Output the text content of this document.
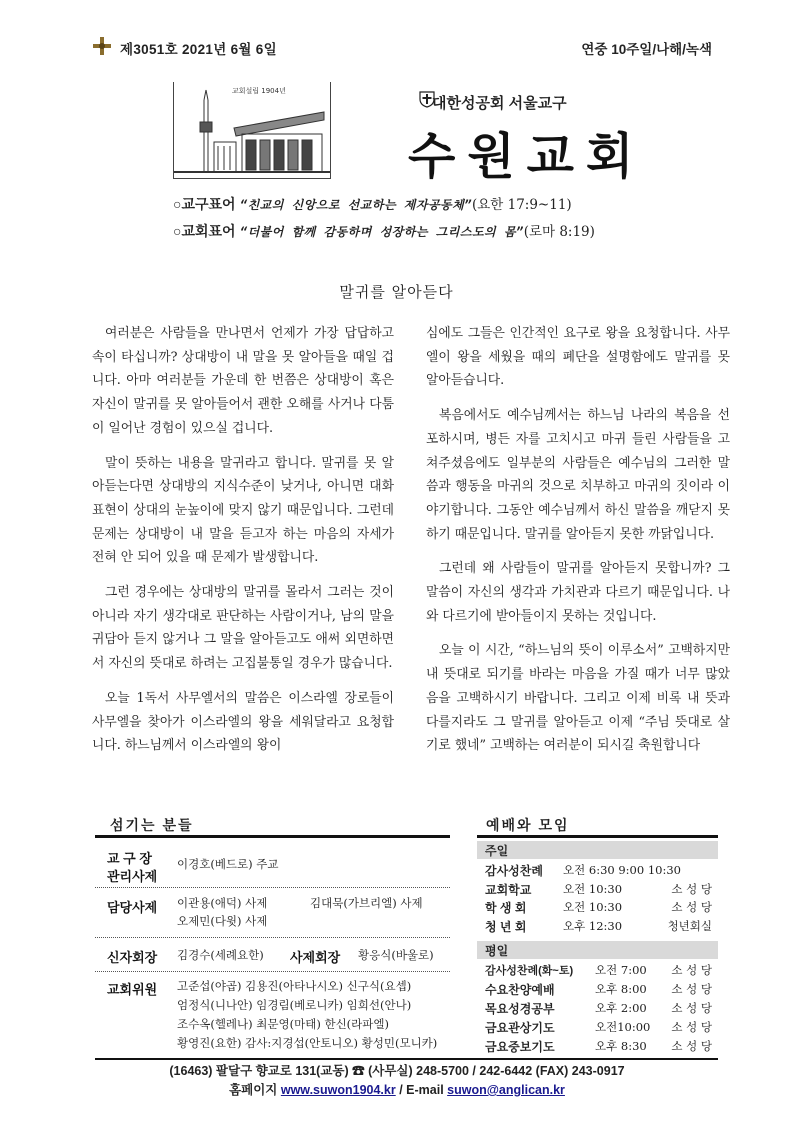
제3051호 2021년 6월 6일	연중 10주일/나해/녹색
교회설립 1904년
대한성공회 서울교구
수원교회
○교구표어 “친교의 신앙으로 선교하는 제자공동체”(요한 17:9~11)
○교회표어 “더불어 함께 감동하며 성장하는 그리스도의 몸”(로마 8:19)
말귀를 알아듣다

여러분은 사람들을 만나면서 언제가 가장 답답하고 속이 타십니까? 상대방이 내 말을 못 알아들을 때일 겁니다. 아마 여러분들 가운데 한 번쯤은 상대방이 혹은 자신이 말귀를 못 알아들어서 괜한 오해를 사거나 다툼이 일어난 경험이 있으실 겁니다.

말이 뜻하는 내용을 말귀라고 합니다. 말귀를 못 알아듣는다면 상대방의 지식수준이 낮거나, 아니면 대화 표현이 상대의 눈높이에 맞지 않기 때문입니다. 그런데 문제는 상대방이 내 말을 듣고자 하는 마음의 자세가 전혀 안 되어 있을 때 문제가 발생합니다.

그런 경우에는 상대방의 말귀를 몰라서 그러는 것이 아니라 자기 생각대로 판단하는 사람이거나, 남의 말을 귀담아 듣지 않거나 그 말을 알아듣고도 애써 외면하면서 자신의 뜻대로 하려는 고집불통일 경우가 많습니다.

오늘 1독서 사무엘서의 말씀은 이스라엘 장로들이 사무엘을 찾아가 이스라엘의 왕을 세워달라고 요청합니다. 하느님께서 이스라엘의 왕이

심에도 그들은 인간적인 요구로 왕을 요청합니다. 사무엘이 왕을 세웠을 때의 폐단을 설명함에도 말귀를 못 알아듣습니다.

복음에서도 예수님께서는 하느님 나라의 복음을 선포하시며, 병든 자를 고치시고 마귀 들린 사람들을 고쳐주셨음에도 일부분의 사람들은 예수님의 그러한 말씀과 행동을 마귀의 것으로 치부하고 마귀의 짓이라 이야기합니다. 그동안 예수님께서 하신 말씀을 깨닫지 못하기 때문입니다. 말귀를 알아듣지 못한 까닭입니다.

그런데 왜 사람들이 말귀를 알아듣지 못합니까? 그 말씀이 자신의 생각과 가치관과 다르기 때문입니다. 나와 다르기에 받아들이지 못하는 것입니다.

오늘 이 시간, “하느님의 뜻이 이루소서” 고백하지만 내 뜻대로 되기를 바라는 마음을 가질 때가 너무 많았음을 고백하시기 바랍니다. 그리고 이제 비록 내 뜻과 다를지라도 그 말귀를 알아듣고 이제 “주님 뜻대로 살기로 했네” 고백하는 여러분이 되시길 축원합니다

섬기는 분들
교 구 장
관리사제
이경호(베드로) 주교
담당사제 이관용(애덕) 사제	김대묵(가브리엘) 사제
오제민(다윗) 사제
신자회장 김경수(세례요한) 사제회장 황응식(바울로)
교회위원 고준섭(야곱) 김용진(아타나시오) 신구식(요셉)
엄정식(니나안) 임경림(베로니카) 임희선(안나)
조수옥(헬레나) 최문영(마태) 한신(라파엘)
황영진(요한) 감사:지경섭(안토니오) 황성민(모니카)
예배와 모임
주일
감사성찬례 오전 6:30 9:00 10:30
교회학교	오전 10:30	소 성 당
학 생 회	오전 10:30	소 성 당
청 년 회	오후 12:30	청년회실
평일
감사성찬례(화~토) 오전 7:00 소 성 당
수요찬양예배	오후 8:00 소 성 당
목요성경공부	오후 2:00 소 성 당
금요관상기도	오전10:00 소 성 당
금요중보기도	오후 8:30 소 성 당
(16463) 팔달구 향교로 131(교동) ☎ (사무실) 248-5700 / 242-6442 (FAX) 243-0917
홈페이지 www.suwon1904.kr / E-mail suwon@anglican.kr
